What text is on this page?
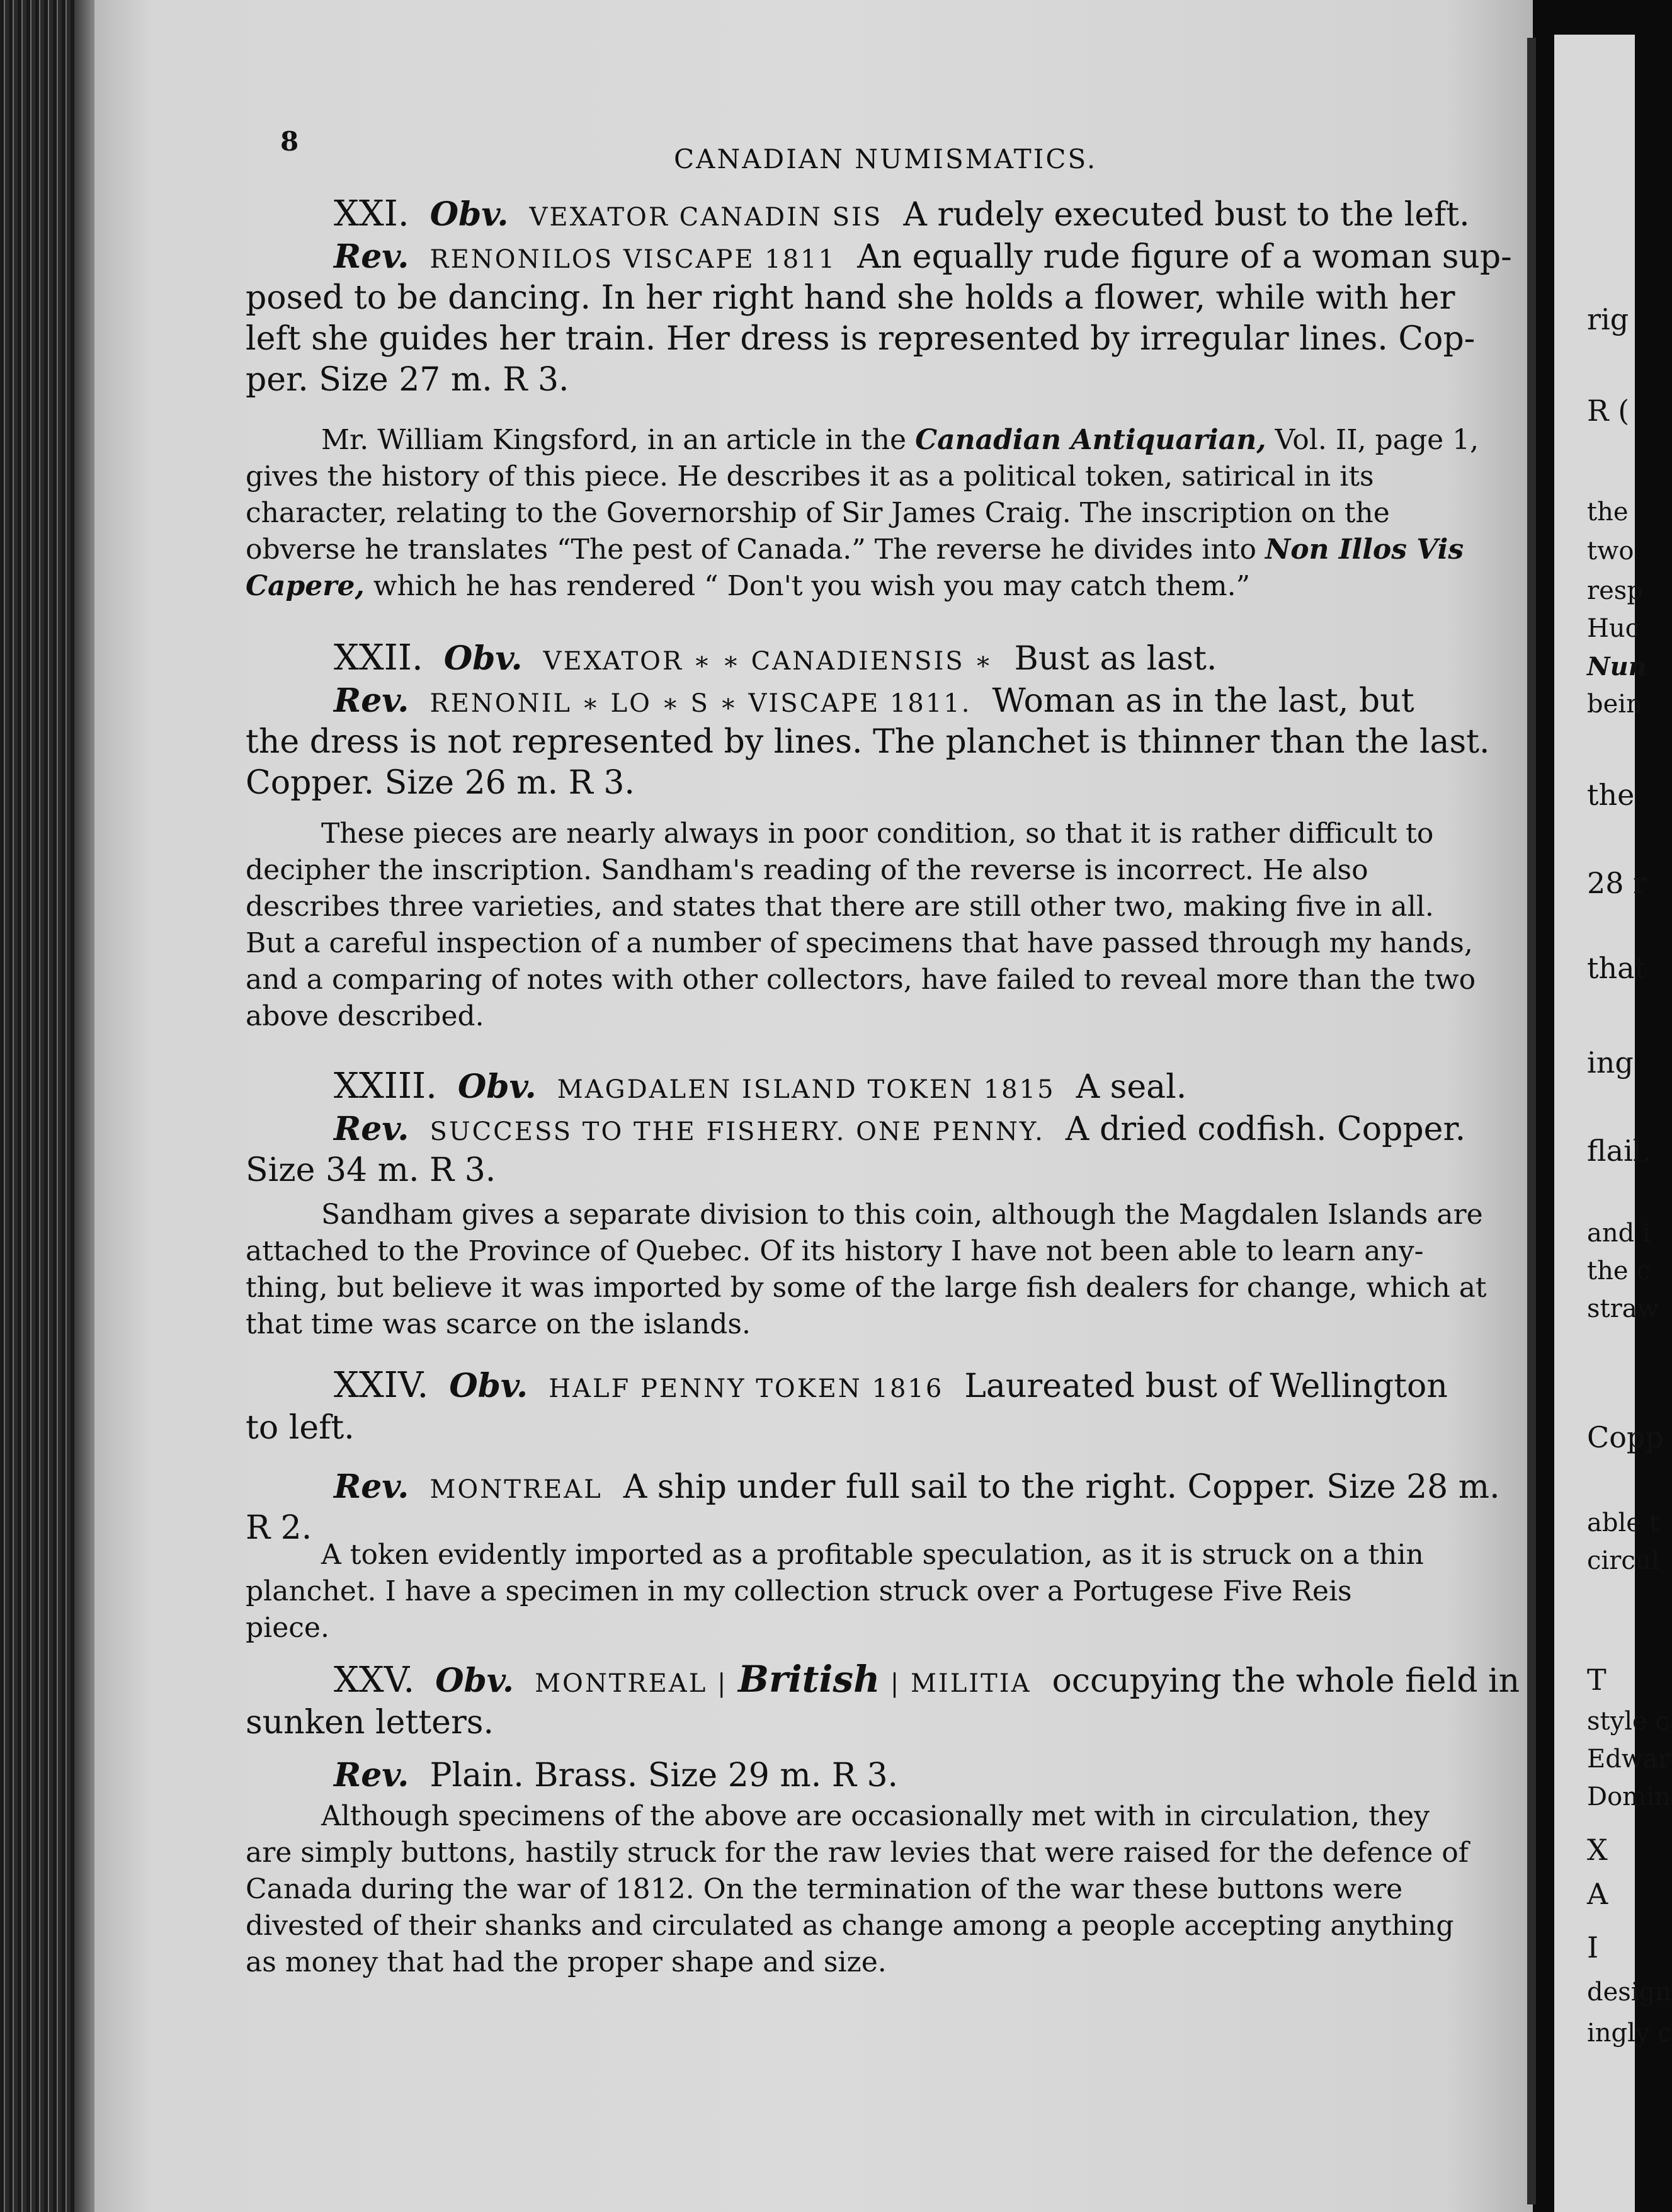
rig
R (
the
two
resp
Huc
Nun
bein
the
28 r
that
ing
flail.
and i
the c
straw
Copp
able t
circul
T
style c
Edwar
Domin
X
A
I
design
ingly c
8
CANADIAN NUMISMATICS.
XXI. Obv. VEXATOR CANADIN SIS A rudely executed bust to the left.
Rev. RENONILOS VISCAPE 1811 An equally rude figure of a woman sup-
posed to be dancing. In her right hand she holds a flower, while with her
left she guides her train. Her dress is represented by irregular lines. Cop-
per. Size 27 m. R 3.
Mr. William Kingsford, in an article in the Canadian Antiquarian, Vol. II, page 1,
gives the history of this piece. He describes it as a political token, satirical in its
character, relating to the Governorship of Sir James Craig. The inscription on the
obverse he translates “The pest of Canada.” The reverse he divides into Non Illos Vis
Capere, which he has rendered “ Don't you wish you may catch them.”
XXII. Obv. VEXATOR ∗ ∗ CANADIENSIS ∗ Bust as last.
Rev. RENONIL ∗ LO ∗ S ∗ VISCAPE 1811. Woman as in the last, but
the dress is not represented by lines. The planchet is thinner than the last.
Copper. Size 26 m. R 3.
These pieces are nearly always in poor condition, so that it is rather difficult to
decipher the inscription. Sandham's reading of the reverse is incorrect. He also
describes three varieties, and states that there are still other two, making five in all.
But a careful inspection of a number of specimens that have passed through my hands,
and a comparing of notes with other collectors, have failed to reveal more than the two
above described.
XXIII. Obv. MAGDALEN ISLAND TOKEN 1815 A seal.
Rev. SUCCESS TO THE FISHERY. ONE PENNY. A dried codfish. Copper.
Size 34 m. R 3.
Sandham gives a separate division to this coin, although the Magdalen Islands are
attached to the Province of Quebec. Of its history I have not been able to learn any-
thing, but believe it was imported by some of the large fish dealers for change, which at
that time was scarce on the islands.
XXIV. Obv. HALF PENNY TOKEN 1816 Laureated bust of Wellington
to left.
Rev. MONTREAL A ship under full sail to the right. Copper. Size 28 m.
R 2.
A token evidently imported as a profitable speculation, as it is struck on a thin
planchet. I have a specimen in my collection struck over a Portugese Five Reis
piece.
XXV. Obv. MONTREAL | British | MILITIA occupying the whole field in
sunken letters.
Rev. Plain. Brass. Size 29 m. R 3.
Although specimens of the above are occasionally met with in circulation, they
are simply buttons, hastily struck for the raw levies that were raised for the defence of
Canada during the war of 1812. On the termination of the war these buttons were
divested of their shanks and circulated as change among a people accepting anything
as money that had the proper shape and size.
